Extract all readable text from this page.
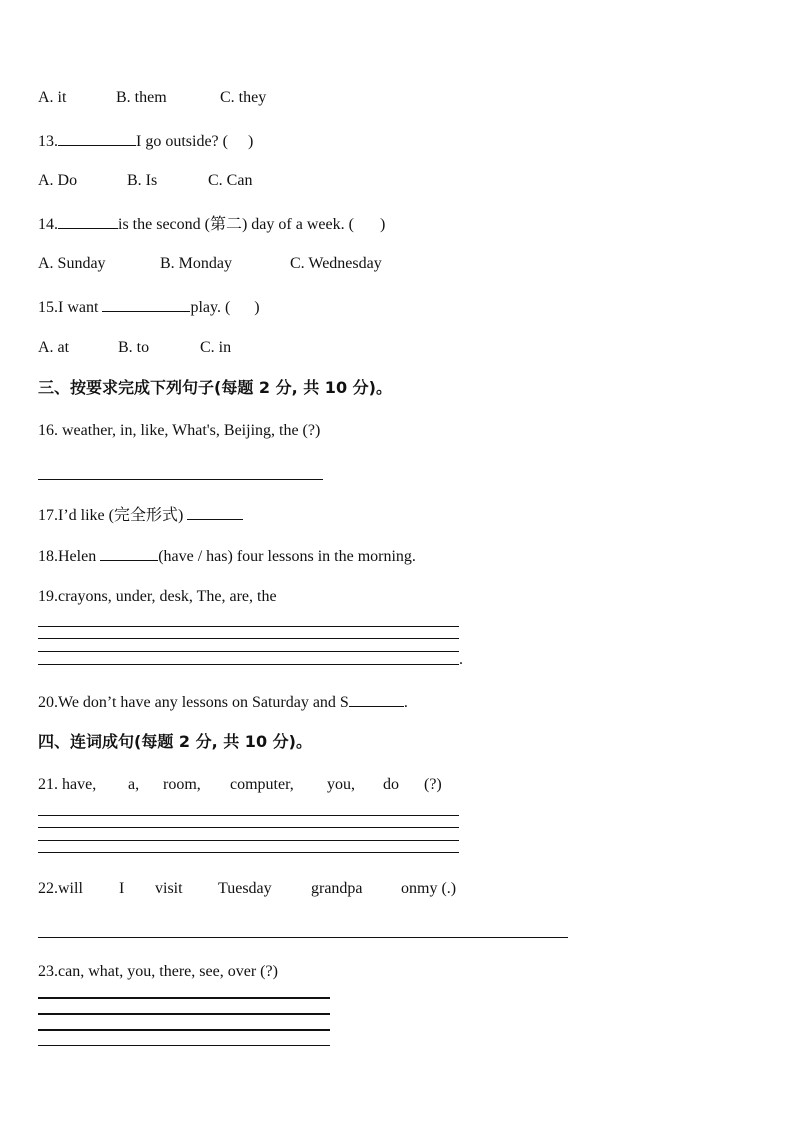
A. it	B. them	C. they
13.	I go outside? ( )
A. Do	B. Is	C. Can
14.	is the second (第二) day of a week. ( )
A. Sunday	B. Monday	C. Wednesday
15.I want	play. ( )
A. at	B. to	C. in
三、按要求完成下列句子(每题 2 分, 共 10 分)。
16. weather, in, like, What's, Beijing, the (?)
17.I’d like (完全形式)
18.Helen	(have / has) four lessons in the morning.
19.crayons, under, desk, The, are, the
.
20.We don’t have any lessons on Saturday and S	.
四、连词成句(每题 2 分, 共 10 分)。
21. have, a, room, computer, you, do (?)
22.will I visit Tuesday grandpa onmy (.)
23.can, what, you, there, see, over (?)
